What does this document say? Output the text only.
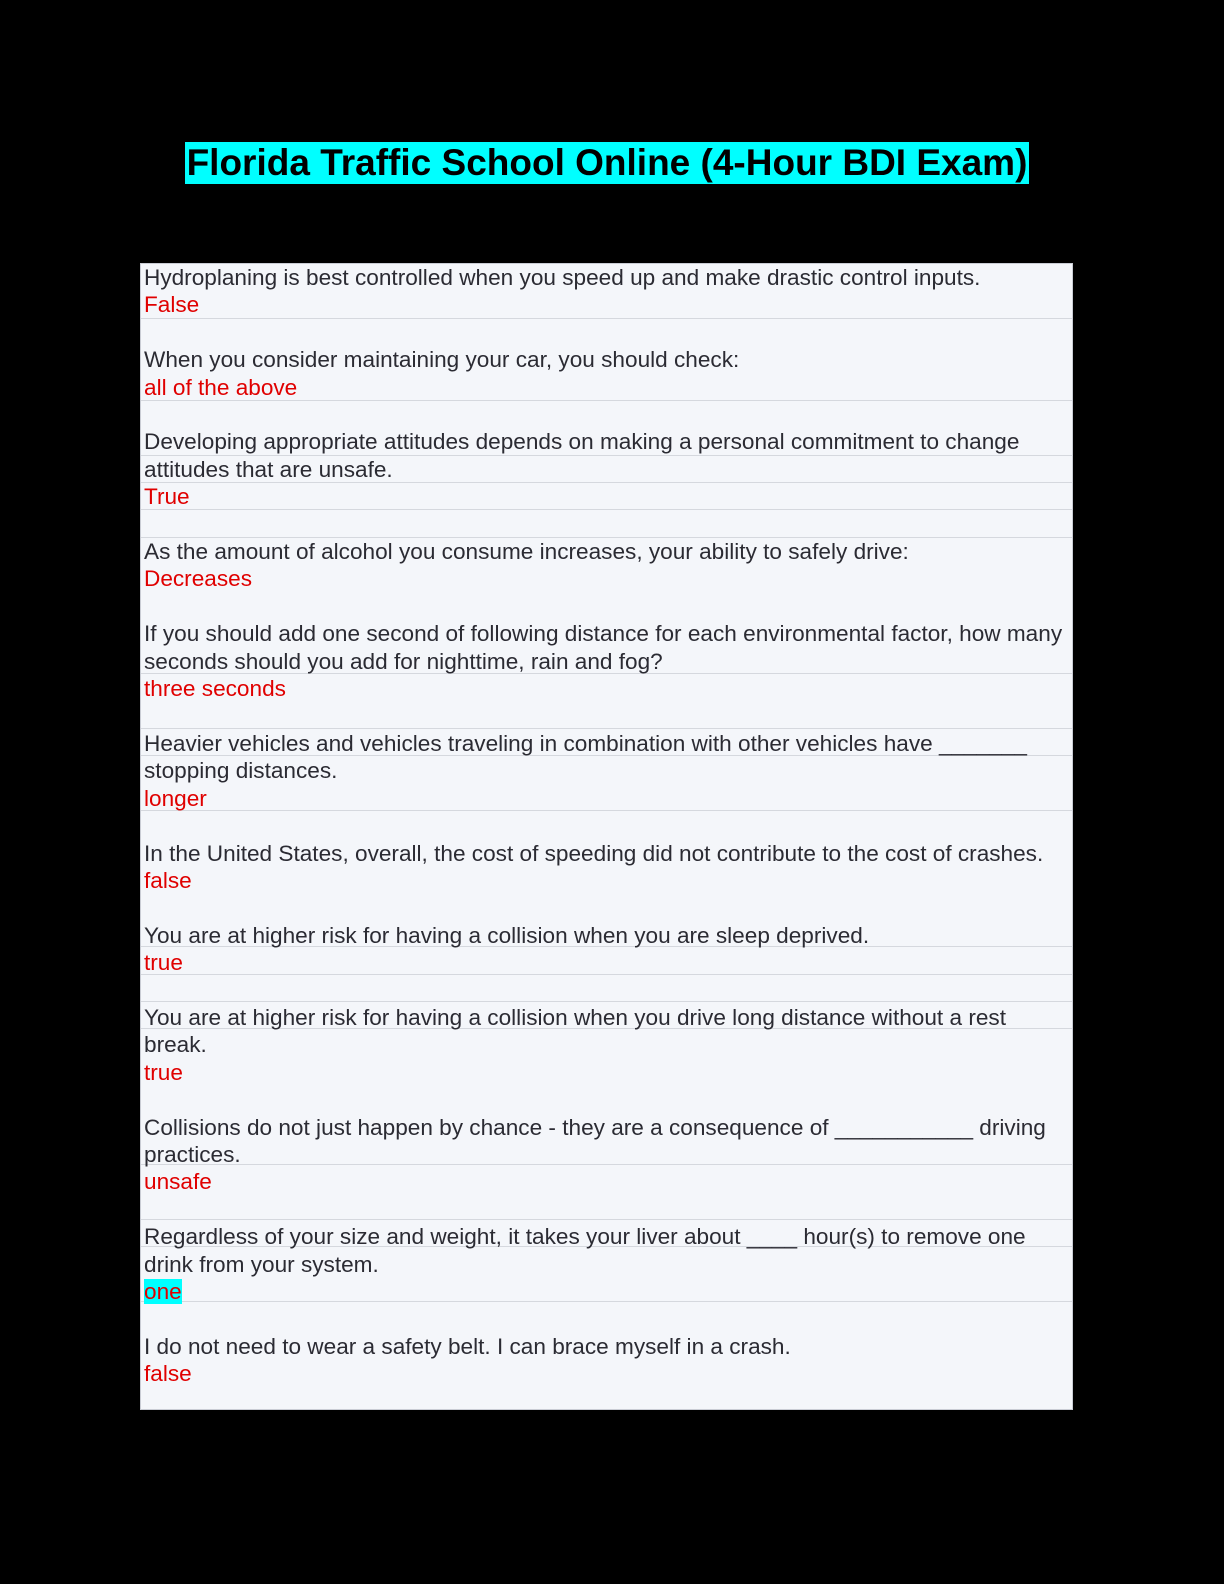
Florida Traffic School Online (4-Hour BDI Exam)
Hydroplaning is best controlled when you speed up and make drastic control inputs.
False
When you consider maintaining your car, you should check:
all of the above
Developing appropriate attitudes depends on making a personal commitment to change attitudes that are unsafe.
True
As the amount of alcohol you consume increases, your ability to safely drive:
Decreases
If you should add one second of following distance for each environmental factor, how many seconds should you add for nighttime, rain and fog?
three seconds
Heavier vehicles and vehicles traveling in combination with other vehicles have _______ stopping distances.
longer
In the United States, overall, the cost of speeding did not contribute to the cost of crashes.
false
You are at higher risk for having a collision when you are sleep deprived.
true
You are at higher risk for having a collision when you drive long distance without a rest break.
true
Collisions do not just happen by chance - they are a consequence of ___________ driving practices.
unsafe
Regardless of your size and weight, it takes your liver about ____ hour(s) to remove one drink from your system.
one
I do not need to wear a safety belt. I can brace myself in a crash.
false
